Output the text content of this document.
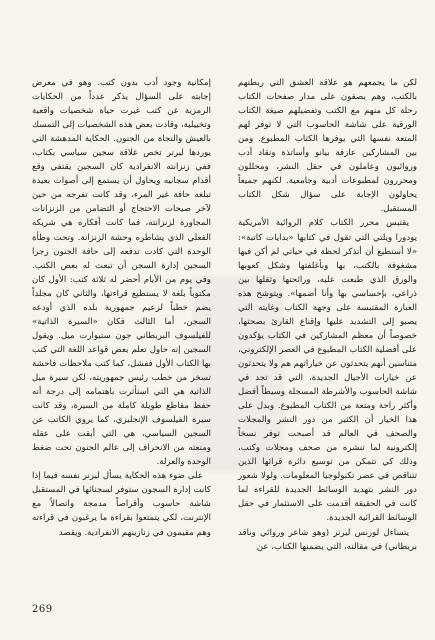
لكن ما يجمعهم هو علاقة العشق التي ربطتهم بالكتب، وهم يصفون على مدار صفحات الكتاب رحلة كل منهم مع الكتب وتفضيلهم صيغة الكتاب الورقية على شاشة الحاسوب التي لا توفر لهم المتعة نفسها التي يوفرها الكتاب المطبوع. ومن بين المشاركين عازفة بيانو وأساتذة ونقاد أدب وروائيون وعاملون في حقل النشر، ومحللون ومحررون لمطبوعات أدبية وجامعية. لكنهم جميعاً يحاولون الإجابة على سؤال شكل الكتاب المستقبل.

يقتبس محرر الكتاب كلام الروائية الأمريكية يودورا ويلتي التي تقول في كتابها «بدايات كاتبة»: «لا أستطيع أن أتذكر لحظة في حياتي لم أكن فيها مشغوفة بالكتب، بها وبأغلفتها وشكل كعوبها والورق الذي طبعت عليه، ورائحتها وثقلها بين ذراعي، بإحساسي بها وأنا أضمها». ويتوشح هذه العبارة المقتبسة على وجهة الكتاب وغايته التي يصبو إلى التشديد عليها وإقناع القارئ بصحتها، خصوصاً أن معظم المشاركين في الكتاب يؤكدون على أفضلية الكتاب المطبوع في العصر الإلكتروني، متناسين أنهم يتحدثون عن خياراتهم هم ولا يتحدثون عن خيارات الأجيال الجديدة، التي قد تجد في شاشة الحاسوب والأشرطة المسجلة وسيطاً أفضل وأكثر راحة ومتعة من الكتاب المطبوع. وبدل على هذا الخيار أن الكثير من دور النشر والمجلات والصحف في العالم قد أصبحت توفر نسخاً إلكترونية لما تنشره من صحف ومجلات وكتب، وذلك كي تتمكن من توسيع دائرة قرائها الذين تتناقص في عصر تكنولوجيا المعلومات. ولولا شعور دور النشر بتهديد الوسائط الجديدة للقراءة لما كانت في الحقيقة أقدمت على الاستثمار في حقل الوسائط القرائية الجديدة.

يتساءل لورنس ليرنر (وهو شاعر وروائي وناقد بريطاني) في مقالته، التي يضمنها الكتاب، عن

إمكانية وجود أدب بدون كتب. وهو في معرض إجابته على السؤال يذكر عدداً من الحكايات الرمزية عن كتب غيرت حياة شخصيات واقعية وتخييلية، وقادت بعض هذه الشخصيات إلى التمسك بالعيش والنجاة من الجنون. الحكاية المدهشة التي يوردها ليرنر تخص علاقة سجين سياسي بكتاب، ففي زنزانته الانفرادية كان السجين يقتفي وقع أقدام سجانيه ويحاول أن يستمع إلى أصوات بعيدة تبلغه حافة غير المرء، وقد كانت تفرجه من حين لآخر صيحات الاحتجاج أو التضامن من الزنزانات المجاورة لزنزانته، فما كانت أفكاره هي شريكه الفعلي الذي يشاطره وحشة الزنزانة. وتحت وطأة الوحدة التي كادت تدفعه إلى حافة الجنون زجرا السجين إدارة السجن أن تبعث له بعض الكتب. وفي يوم من الأيام أحضر له ثلاثة كتب: الأول كان مكتوباً بلغة لا يستطيع قراءتها، والثاني كان مجلداً يضم خطباً لزعيم جمهورية بلده الذي أودعه السجن، أما الثالث فكان «السيرة الذاتية» للفيلسوف البريطاني جون ستيوارت ميل. ويقول السجين إنه حاول تعلم بعض قواعد اللغة التي كتب بها الكتاب الأول ففشل، كما كتب ملاحظات فاحشة تسخر من خطب رئيس جمهوريته، لكن سيرة ميل الذاتية هي التي استأثرت باهتمامه إلى درجة أنه حفظ مقاطع طويلة كاملة من السيرة، وقد كانت سيرة الفيلسوف الإنجليزي، كما يروي الكاتب عن السجين السياسي، هي التي أبقت على عقله ومنعته من الانحراف إلى عالم الجنون تحت ضغط الوحدة والعزلة.

على ضوء هذه الحكاية يسأل ليرنر نفسه فيما إذا كانت إدارة السجون ستوفر لسجنائها في المستقبل شاشة حاسوب وأقراصاً مدمجة واتصالاً مع الإنترنت، لكي يتمتعوا بقراءة ما يرغبون في قراءته وهم مقيمون في زنازينهم الانفرادية. ويقصد

269
